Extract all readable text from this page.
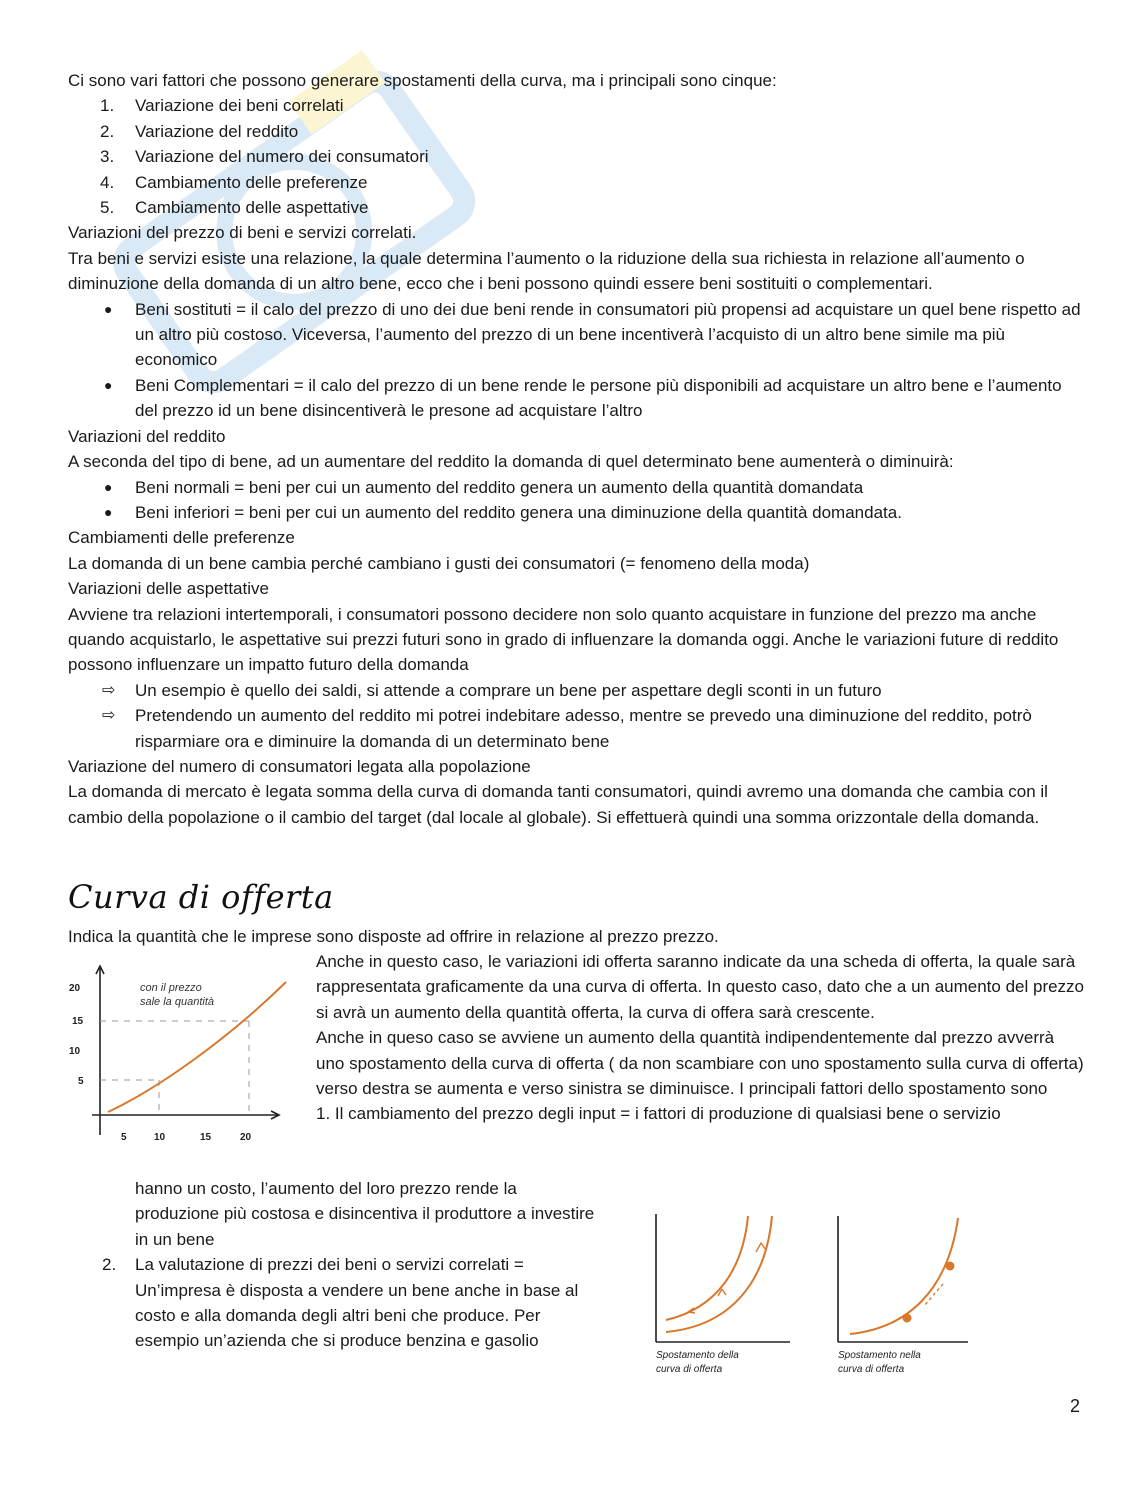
Ci sono vari fattori che possono generare spostamenti della curva, ma i principali sono cinque:

1. Variazione dei beni correlati
2. Variazione del reddito
3. Variazione del numero dei consumatori
4. Cambiamento delle preferenze
5. Cambiamento delle aspettative

Variazioni del prezzo di beni e servizi correlati.

Tra beni e servizi esiste una relazione, la quale determina l’aumento o la riduzione della sua richiesta in relazione all’aumento o diminuzione della domanda di un altro bene, ecco che i beni possono quindi essere beni sostituiti o complementari.

● Beni sostituti = il calo del prezzo di uno dei due beni rende in consumatori più propensi ad acquistare un quel bene rispetto ad un altro più costoso. Viceversa, l’aumento del prezzo di un bene incentiverà l’acquisto di un altro bene simile ma più economico
● Beni Complementari = il calo del prezzo di un bene rende le persone più disponibili ad acquistare un altro bene e l’aumento del prezzo id un bene disincentiverà le presone ad acquistare l’altro

Variazioni del reddito

A seconda del tipo di bene, ad un aumentare del reddito la domanda di quel determinato bene aumenterà o diminuirà:

● Beni normali = beni per cui un aumento del reddito genera un aumento della quantità domandata
● Beni inferiori = beni per cui un aumento del reddito genera una diminuzione della quantità domandata.

Cambiamenti delle preferenze

La domanda di un bene cambia perché cambiano i gusti dei consumatori (= fenomeno della moda)

Variazioni delle aspettative

Avviene tra relazioni intertemporali, i consumatori possono decidere non solo quanto acquistare in funzione del prezzo ma anche quando acquistarlo, le aspettative sui prezzi futuri sono in grado di influenzare la domanda oggi. Anche le variazioni future di reddito possono influenzare un impatto futuro della domanda

⇨ Un esempio è quello dei saldi, si attende a comprare un bene per aspettare degli sconti in un futuro
⇨ Pretendendo un aumento del reddito mi potrei indebitare adesso, mentre se prevedo una diminuzione del reddito, potrò risparmiare ora e diminuire la domanda di un determinato bene

Variazione del numero di consumatori legata alla popolazione

La domanda di mercato è legata somma della curva di domanda tanti consumatori, quindi avremo una domanda che cambia con il cambio della popolazione o il cambio del target (dal locale al globale). Si effettuerà quindi una somma orizzontale della domanda.

Curva di offerta
Indica la quantità che le imprese sono disposte ad offrire in relazione al prezzo prezzo.
con il prezzo
sale la quantità
20
15
10
5
5	10	15	20

Anche in questo caso, le variazioni idi offerta saranno indicate da una scheda di offerta, la quale sarà rappresentata graficamente da una curva di offerta. In questo caso, dato che a un aumento del prezzo si avrà un aumento della quantità offerta, la curva di offera sarà crescente.

Anche in queso caso se avviene un aumento della quantità indipendentemente dal prezzo avverrà uno spostamento della curva di offerta ( da non scambiare con uno spostamento sulla curva di offerta) verso destra se aumenta e verso sinistra se diminuisce. I principali fattori dello spostamento sono

1. Il cambiamento del prezzo degli input = i fattori di produzione di qualsiasi bene o servizio

hanno un costo, l’aumento del loro prezzo rende la produzione più costosa e disincentiva il produttore a investire in un bene

2. La valutazione di prezzi dei beni o servizi correlati = Un’impresa è disposta a vendere un bene anche in base al costo e alla domanda degli altri beni che produce. Per esempio un’azienda che si produce benzina e gasolio
Spostamento della
curva di offerta
Spostamento nella
curva di offerta
2
